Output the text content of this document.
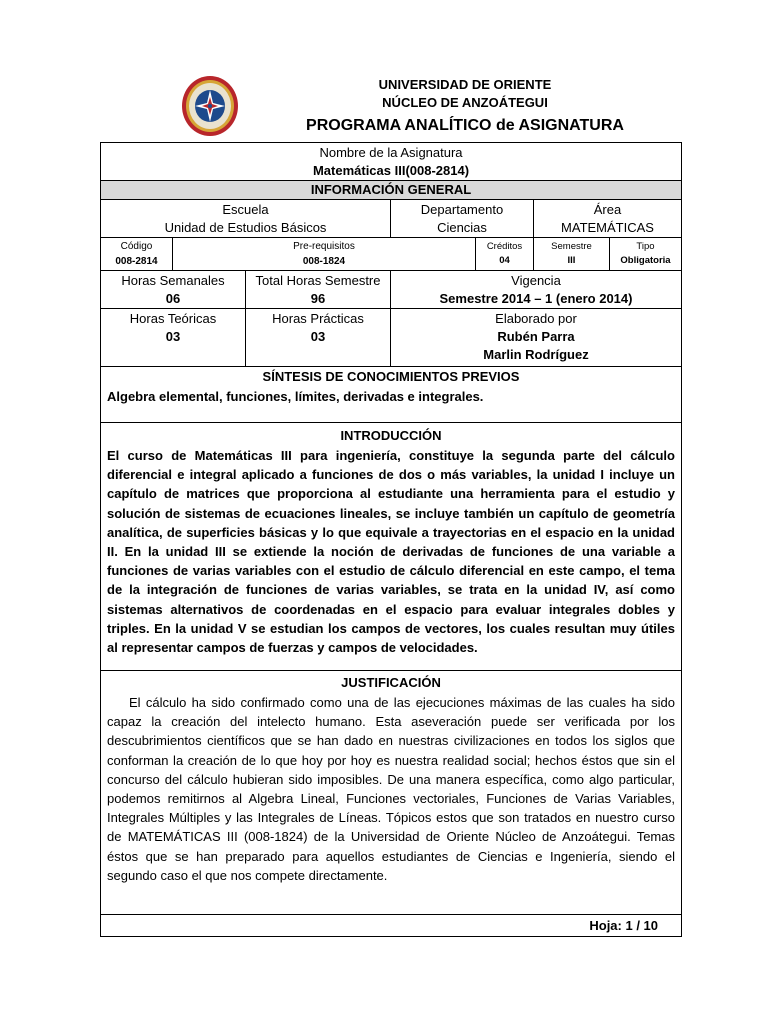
UNIVERSIDAD DE ORIENTE
NÚCLEO DE ANZOÁTEGUI
PROGRAMA ANALÍTICO de ASIGNATURA
Nombre de la Asignatura
Matemáticas III(008-2814)
INFORMACIÓN GENERAL
Escuela
Unidad de Estudios Básicos
Departamento
Ciencias
Área
MATEMÁTICAS
Código
008-2814
Pre-requisitos
008-1824
Créditos
04
Semestre
III
Tipo
Obligatoria
Horas Semanales
06
Total Horas Semestre
96
Vigencia
Semestre 2014 – 1 (enero 2014)
Horas Teóricas
03
Horas Prácticas
03
Elaborado por
Rubén Parra
Marlin Rodríguez
SÍNTESIS DE CONOCIMIENTOS PREVIOS
Algebra elemental, funciones, límites, derivadas e integrales.
INTRODUCCIÓN
El curso de Matemáticas III para ingeniería, constituye la segunda parte del cálculo diferencial e integral aplicado a funciones de dos o más variables, la unidad I incluye un capítulo de matrices que proporciona al estudiante una herramienta para el estudio y solución de sistemas de ecuaciones lineales, se incluye también un capítulo de geometría analítica, de superficies básicas y lo que equivale a trayectorias en el espacio en la unidad II. En la unidad III se extiende la noción de derivadas de funciones de una variable a funciones de varias variables con el estudio de cálculo diferencial en este campo, el tema de la integración de funciones de varias variables, se trata en la unidad IV, así como sistemas alternativos de coordenadas en el espacio para evaluar integrales dobles y triples. En la unidad V se estudian los campos de vectores, los cuales resultan muy útiles al representar campos de fuerzas y campos de velocidades.
JUSTIFICACIÓN
El cálculo ha sido confirmado como una de las ejecuciones máximas de las cuales ha sido capaz la creación del intelecto humano. Esta aseveración puede ser verificada por los descubrimientos científicos que se han dado en nuestras civilizaciones en todos los siglos que conforman la creación de lo que hoy por hoy es nuestra realidad social; hechos éstos que sin el concurso del cálculo hubieran sido imposibles. De una manera específica, como algo particular, podemos remitirnos al Algebra Lineal, Funciones vectoriales, Funciones de Varias Variables, Integrales Múltiples y las Integrales de Líneas. Tópicos estos que son tratados en nuestro curso de MATEMÁTICAS III (008-1824) de la Universidad de Oriente Núcleo de Anzoátegui. Temas éstos que se han preparado para aquellos estudiantes de Ciencias e Ingeniería, siendo el segundo caso el que nos compete directamente.
Hoja: 1 / 10
